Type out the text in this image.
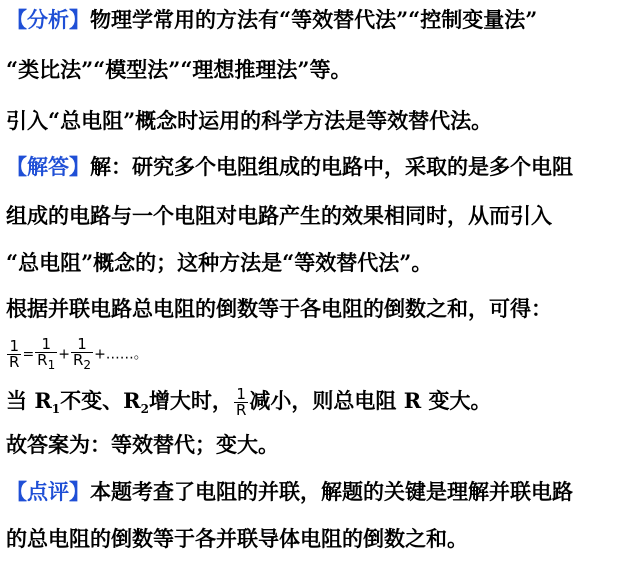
【分析】物理学常用的方法有“等效替代法”“控制变量法”
“类比法”“模型法”“理想推理法”等。
引入“总电阻”概念时运用的科学方法是等效替代法。
【解答】解：研究多个电阻组成的电路中，采取的是多个电阻
组成的电路与一个电阻对电路产生的效果相同时，从而引入
“总电阻”概念的；这种方法是“等效替代法”。
根据并联电路总电阻的倒数等于各电阻的倒数之和，可得：
$\frac{1}{R} = \frac{1}{R_1} + \frac{1}{R_2}$ +……。
当 $R_1$不变、$R_2$增大时， $\frac{1}{R}$ 减小，则总电阻 R 变大。
故答案为：等效替代；变大。
【点评】本题考查了电阻的并联，解题的关键是理解并联电路
的总电阻的倒数等于各并联导体电阻的倒数之和。
